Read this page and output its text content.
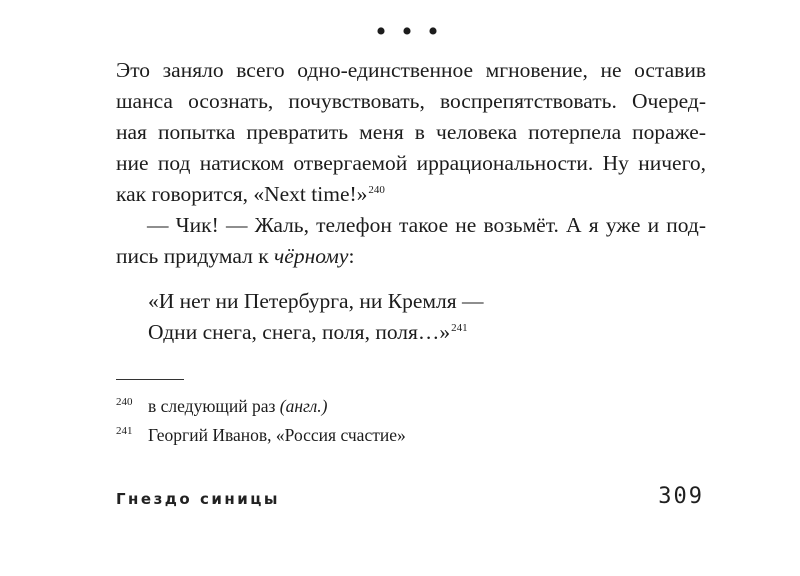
• • •
Это заняло всего одно-единственное мгновение, не оставив
шанса осознать, почувствовать, воспрепятствовать. Очеред-
ная попытка превратить меня в человека потерпела пораже-
ние под натиском отвергаемой иррациональности. Ну ничего,
как говорится, «Next time!»$^{240}$
— Чик! — Жаль, телефон такое не возьмёт. А я уже и под-
пись придумал к чёрному:
«И нет ни Петербурга, ни Кремля —
Одни снега, снега, поля, поля…»$^{241}$
240 в следующий раз (англ.)
241 Георгий Иванов, «Россия счастие»
Гнездо синицы	309
